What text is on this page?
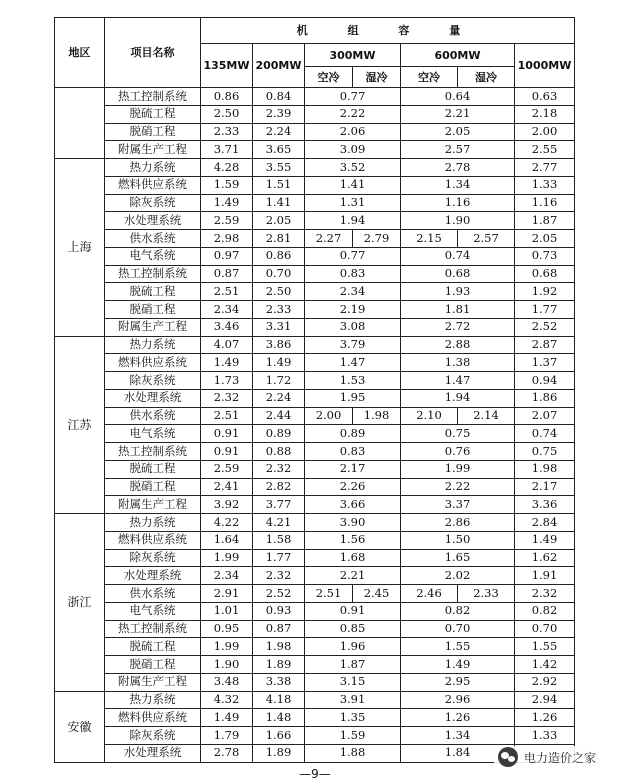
地区	项目名称	机 组 容 量						
		135MW	200MW	300MW		600MW		1000MW
				空冷	湿冷	空冷	湿冷	
	热工控制系统	0.86	0.84	0.77		0.64		0.63
	脱硫工程	2.50	2.39	2.22		2.21		2.18
	脱硝工程	2.33	2.24	2.06		2.05		2.00
	附属生产工程	3.71	3.65	3.09		2.57		2.55
上海	热力系统	4.28	3.55	3.52		2.78		2.77
	燃料供应系统	1.59	1.51	1.41		1.34		1.33
	除灰系统	1.49	1.41	1.31		1.16		1.16
	水处理系统	2.59	2.05	1.94		1.90		1.87
	供水系统	2.98	2.81	2.27	2.79	2.15	2.57	2.05
	电气系统	0.97	0.86	0.77		0.74		0.73
	热工控制系统	0.87	0.70	0.83		0.68		0.68
	脱硫工程	2.51	2.50	2.34		1.93		1.92
	脱硝工程	2.34	2.33	2.19		1.81		1.77
	附属生产工程	3.46	3.31	3.08		2.72		2.52
江苏	热力系统	4.07	3.86	3.79		2.88		2.87
	燃料供应系统	1.49	1.49	1.47		1.38		1.37
	除灰系统	1.73	1.72	1.53		1.47		0.94
	水处理系统	2.32	2.24	1.95		1.94		1.86
	供水系统	2.51	2.44	2.00	1.98	2.10	2.14	2.07
	电气系统	0.91	0.89	0.89		0.75		0.74
	热工控制系统	0.91	0.88	0.83		0.76		0.75
	脱硫工程	2.59	2.32	2.17		1.99		1.98
	脱硝工程	2.41	2.82	2.26		2.22		2.17
	附属生产工程	3.92	3.77	3.66		3.37		3.36
浙江	热力系统	4.22	4.21	3.90		2.86		2.84
	燃料供应系统	1.64	1.58	1.56		1.50		1.49
	除灰系统	1.99	1.77	1.68		1.65		1.62
	水处理系统	2.34	2.32	2.21		2.02		1.91
	供水系统	2.91	2.52	2.51	2.45	2.46	2.33	2.32
	电气系统	1.01	0.93	0.91		0.82		0.82
	热工控制系统	0.95	0.87	0.85		0.70		0.70
	脱硫工程	1.99	1.98	1.96		1.55		1.55
	脱硝工程	1.90	1.89	1.87		1.49		1.42
	附属生产工程	3.48	3.38	3.15		2.95		2.92
安徽	热力系统	4.32	4.18	3.91		2.96		2.94
	燃料供应系统	1.49	1.48	1.35		1.26		1.26
	除灰系统	1.79	1.66	1.59		1.34		1.33
	水处理系统	2.78	1.89	1.88		1.84			电力造价之家
—9—
